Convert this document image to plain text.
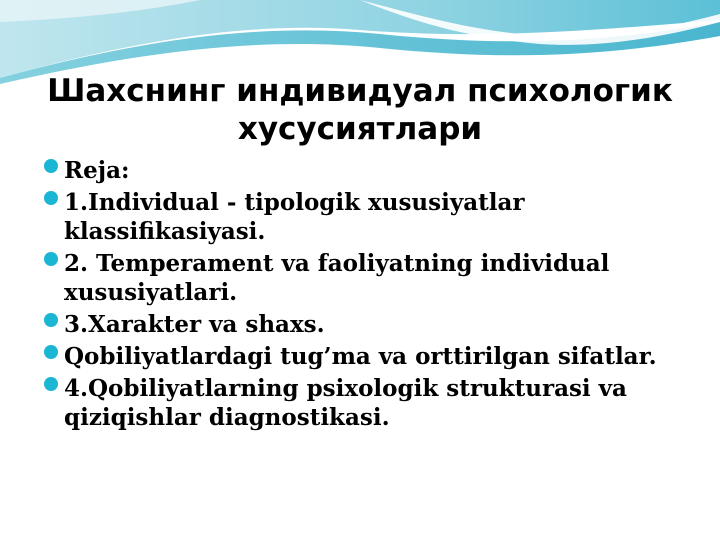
Шахснинг индивидуал психологик
хусусиятлари
Reja:
1.Individual - tipologik xususiyatlar klassifikasiyasi.
2. Temperament va faoliyatning individual xususiyatlari.
3.Xarakter va shaxs.
Qobiliyatlardagi tug’ma va orttirilgan sifatlar.
4.Qobiliyatlarning psixologik strukturasi va qiziqishlar diagnostikasi.
